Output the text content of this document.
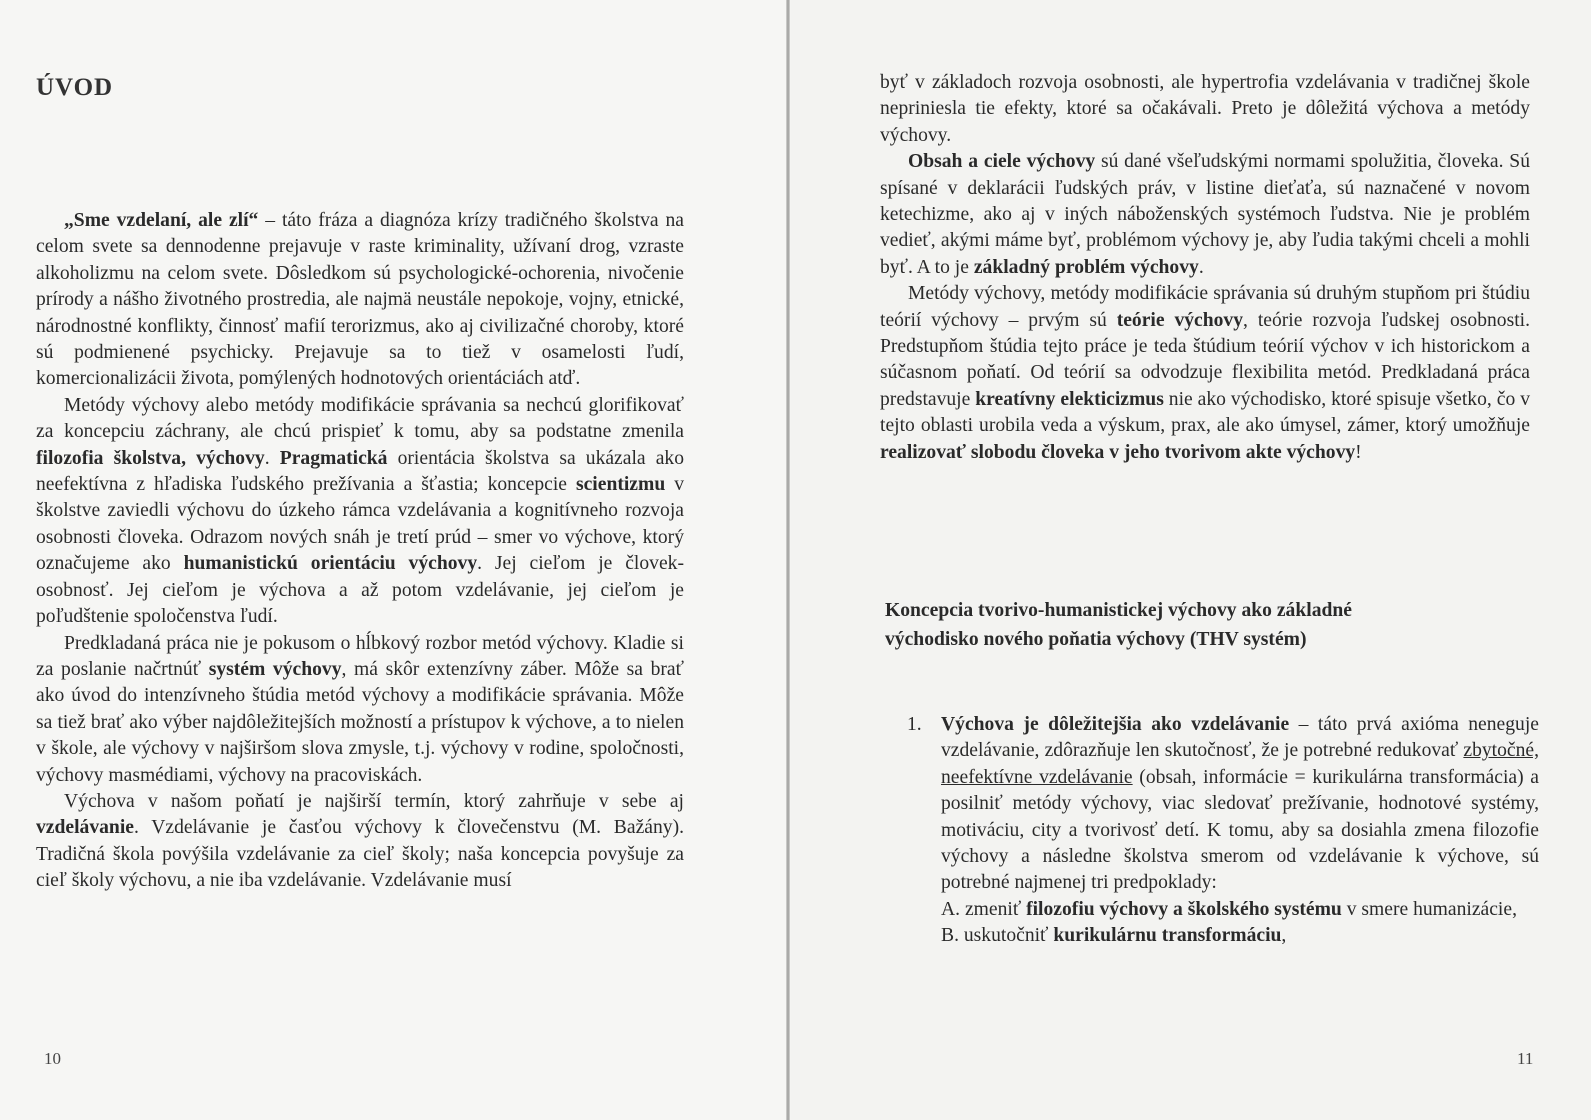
ÚVOD

„Sme vzdelaní, ale zlí“ – táto fráza a diagnóza krízy tradičného školstva na celom svete sa dennodenne prejavuje v raste kriminality, užívaní drog, vzraste alkoholizmu na celom svete. Dôsledkom sú psychologické-ochorenia, nivočenie prírody a nášho životného prostredia, ale najmä neustále nepokoje, vojny, etnické, národnostné konflikty, činnosť mafií terorizmus, ako aj civilizačné choroby, ktoré sú podmienené psychicky. Prejavuje sa to tiež v osamelosti ľudí, komercionalizácii života, pomýlených hodnotových orientáciách atď.

Metódy výchovy alebo metódy modifikácie správania sa nechcú glorifikovať za koncepciu záchrany, ale chcú prispieť k tomu, aby sa podstatne zmenila filozofia školstva, výchovy. Pragmatická orientácia školstva sa ukázala ako neefektívna z hľadiska ľudského prežívania a šťastia; koncepcie scientizmu v školstve zaviedli výchovu do úzkeho rámca vzdelávania a kognitívneho rozvoja osobnosti človeka. Odrazom nových snáh je tretí prúd – smer vo výchove, ktorý označujeme ako humanistickú orientáciu výchovy. Jej cieľom je človek-osobnosť. Jej cieľom je výchova a až potom vzdelávanie, jej cieľom je poľudštenie spoločenstva ľudí.

Predkladaná práca nie je pokusom o hĺbkový rozbor metód výchovy. Kladie si za poslanie načrtnúť systém výchovy, má skôr extenzívny záber. Môže sa brať ako úvod do intenzívneho štúdia metód výchovy a modifikácie správania. Môže sa tiež brať ako výber najdôležitejších možností a prístupov k výchove, a to nielen v škole, ale výchovy v najširšom slova zmysle, t.j. výchovy v rodine, spoločnosti, výchovy masmédiami, výchovy na pracoviskách.

Výchova v našom poňatí je najširší termín, ktorý zahrňuje v sebe aj vzdelávanie. Vzdelávanie je časťou výchovy k človečenstvu (M. Bažány). Tradičná škola povýšila vzdelávanie za cieľ školy; naša koncepcia povyšuje za cieľ školy výchovu, a nie iba vzdelávanie. Vzdelávanie musí

10

byť v základoch rozvoja osobnosti, ale hypertrofia vzdelávania v tradičnej škole nepriniesla tie efekty, ktoré sa očakávali. Preto je dôležitá výchova a metódy výchovy.

Obsah a ciele výchovy sú dané všeľudskými normami spolužitia, človeka. Sú spísané v deklarácii ľudských práv, v listine dieťaťa, sú naznačené v novom ketechizme, ako aj v iných náboženských systémoch ľudstva. Nie je problém vedieť, akými máme byť, problémom výchovy je, aby ľudia takými chceli a mohli byť. A to je základný problém výchovy.

Metódy výchovy, metódy modifikácie správania sú druhým stupňom pri štúdiu teórií výchovy – prvým sú teórie výchovy, teórie rozvoja ľudskej osobnosti. Predstupňom štúdia tejto práce je teda štúdium teórií výchov v ich historickom a súčasnom poňatí. Od teórií sa odvodzuje flexibilita metód. Predkladaná práca predstavuje kreatívny elekticizmus nie ako východisko, ktoré spisuje všetko, čo v tejto oblasti urobila veda a výskum, prax, ale ako úmysel, zámer, ktorý umožňuje realizovať slobodu človeka v jeho tvorivom akte výchovy!

Koncepcia tvorivo-humanistickej výchovy ako základné
východisko nového poňatia výchovy (THV systém)
1. Výchova je dôležitejšia ako vzdelávanie – táto prvá axióma nenegujе vzdelávanie, zdôrazňuje len skutočnosť, že je potrebné redukovať zbytočné, neefektívne vzdelávanie (obsah, informácie = kurikulárna transformácia) a posilniť metódy výchovy, viac sledovať prežívanie, hodnotové systémy, motiváciu, city a tvorivosť detí. K tomu, aby sa dosiahla zmena filozofie výchovy a následne školstva smerom od vzdelávanie k výchove, sú potrebné najmenej tri predpoklady:
A. zmeniť filozofiu výchovy a školského systému v smere humanizácie,
B. uskutočniť kurikulárnu transformáciu,
11
